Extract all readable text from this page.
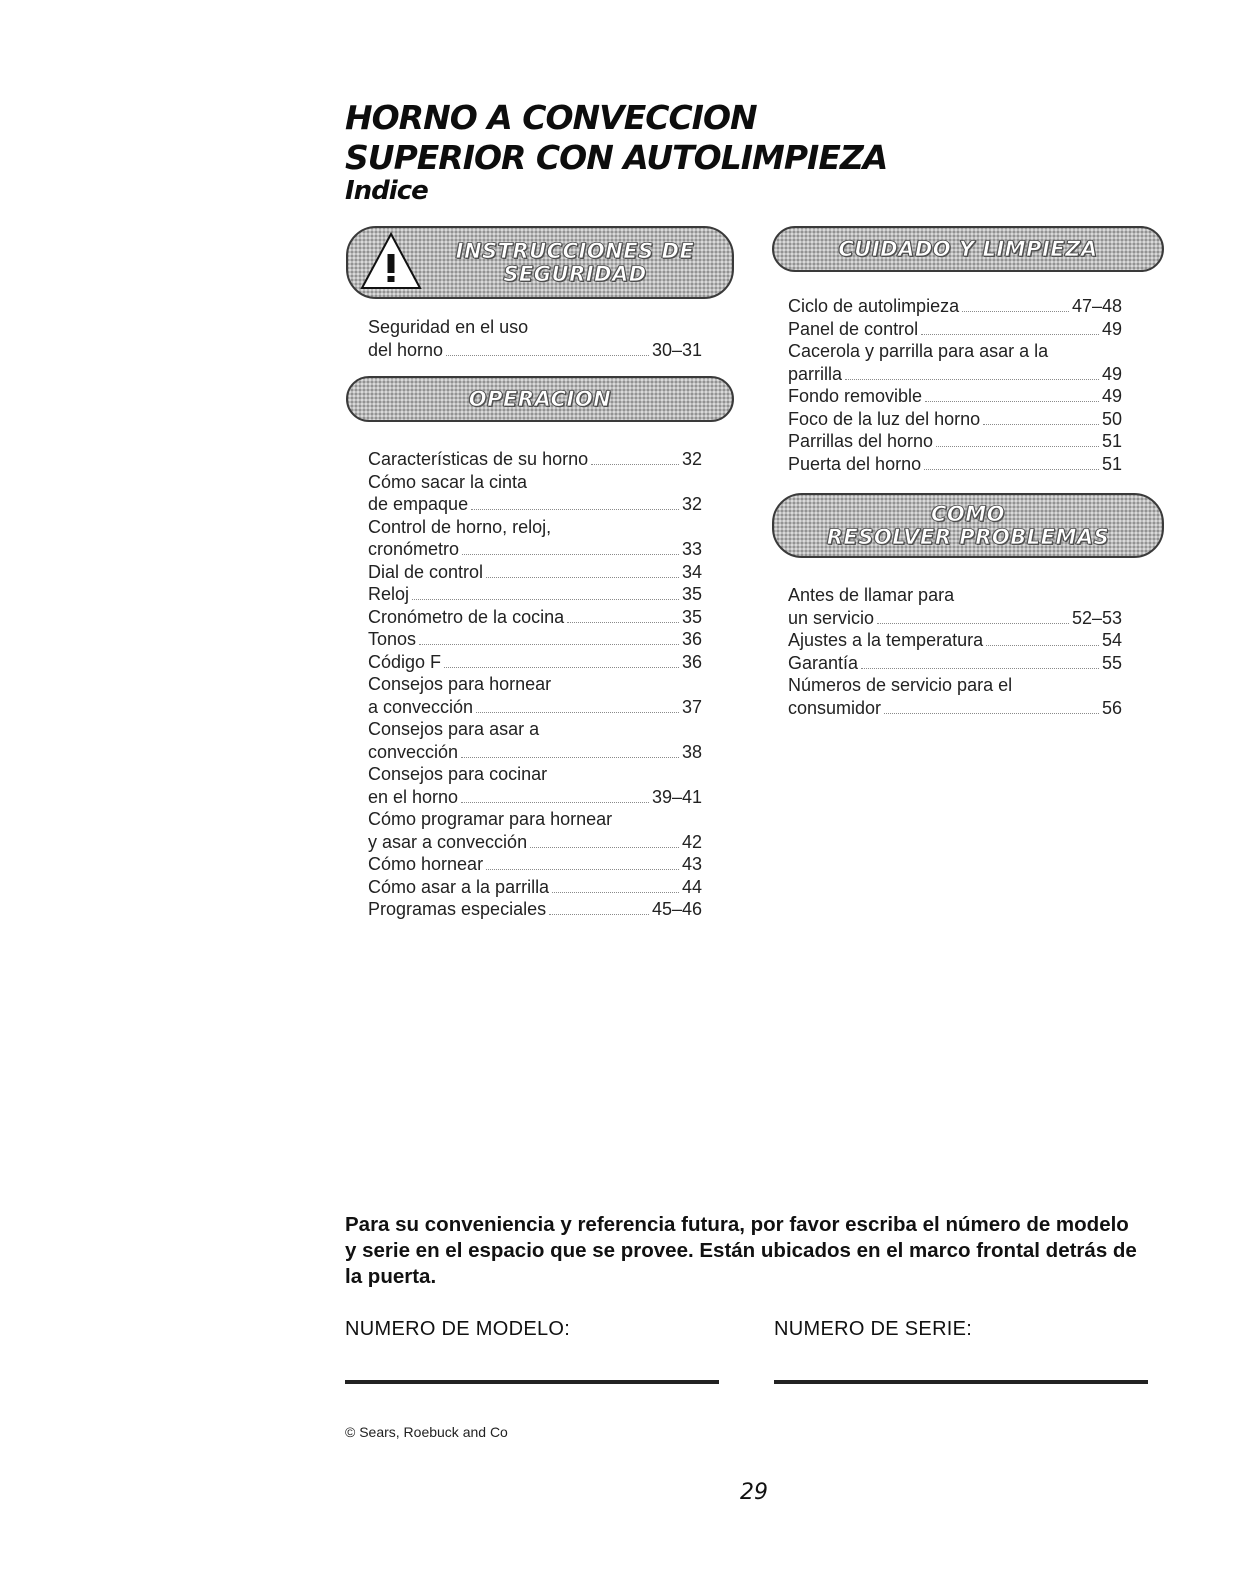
HORNO A CONVECCION
SUPERIOR CON AUTOLIMPIEZA
Indice
INSTRUCCIONES DE
SEGURIDAD
Seguridad en el uso
del horno	30–31
OPERACION
Características de su horno	32
Cómo sacar la cinta
de empaque	32
Control de horno, reloj,
cronómetro	33
Dial de control	34
Reloj	35
Cronómetro de la cocina	35
Tonos	36
Código F	36
Consejos para hornear
a convección	37
Consejos para asar a
convección	38
Consejos para cocinar
en el horno	39–41
Cómo programar para hornear
y asar a convección	42
Cómo hornear	43
Cómo asar a la parrilla	44
Programas especiales	45–46
CUIDADO Y LIMPIEZA
Ciclo de autolimpieza	47–48
Panel de control	49
Cacerola y parrilla para asar a la
parrilla	49
Fondo removible	49
Foco de la luz del horno	50
Parrillas del horno	51
Puerta del horno	51
COMO
RESOLVER PROBLEMAS
Antes de llamar para
un servicio	52–53
Ajustes a la temperatura	54
Garantía	55
Números de servicio para el
consumidor	56

Para su conveniencia y referencia futura, por favor escriba el número de modelo y serie en el espacio que se provee. Están ubicados en el marco frontal detrás de la puerta.

NUMERO DE MODELO:	NUMERO DE SERIE:

© Sears, Roebuck and Co

29
